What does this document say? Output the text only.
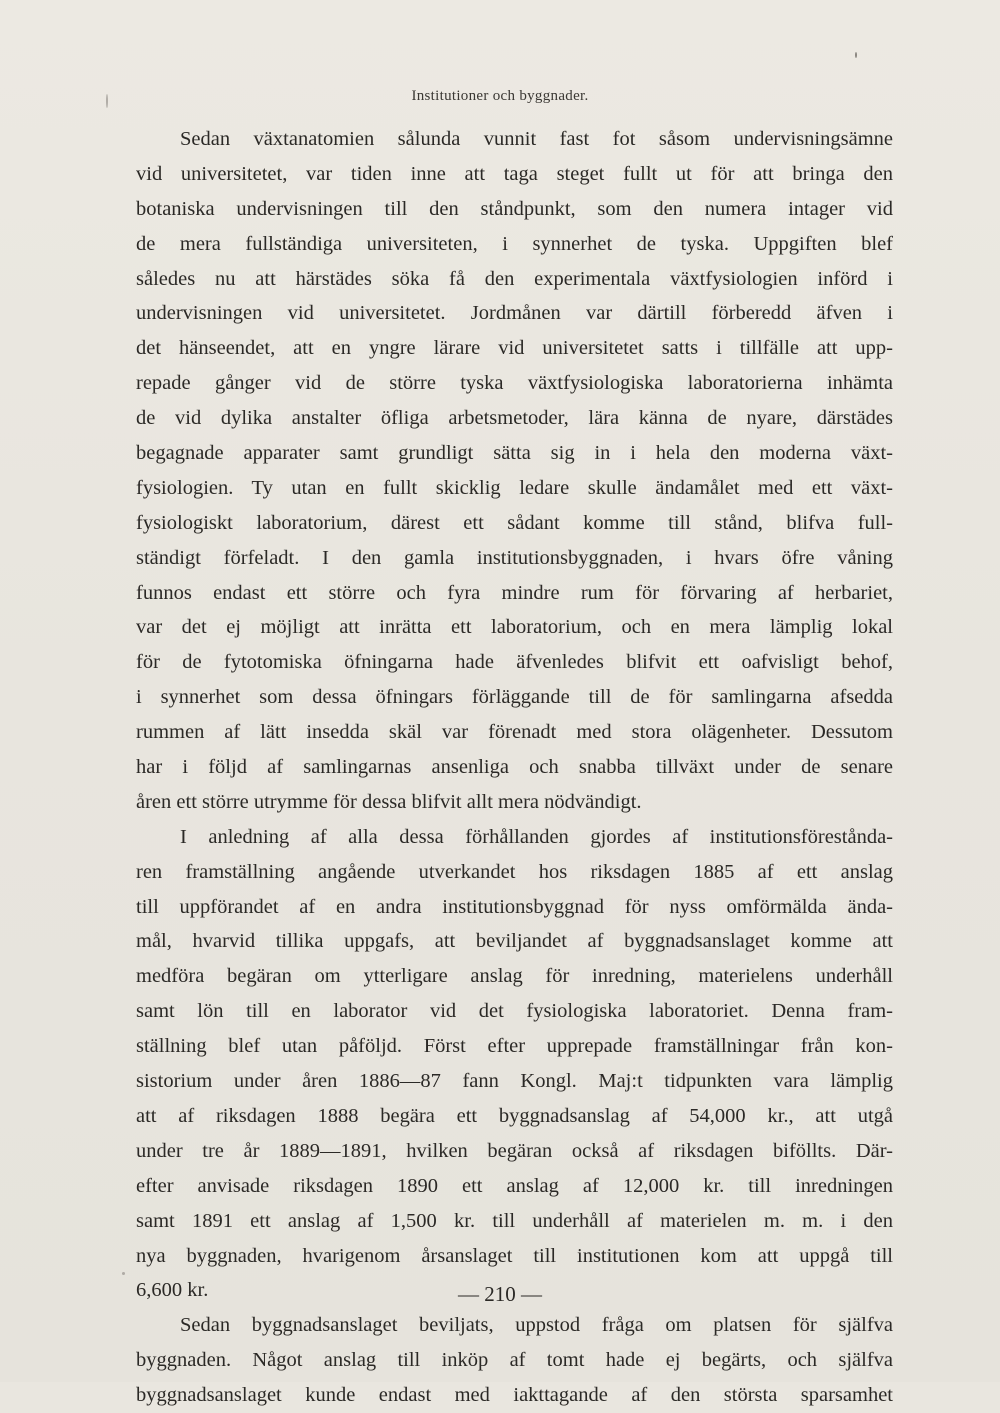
Institutioner och byggnader.
Sedan växtanatomien sålunda vunnit fast fot såsom undervisningsämne
vid universitetet, var tiden inne att taga steget fullt ut för att bringa den
botaniska undervisningen till den ståndpunkt, som den numera intager vid
de mera fullständiga universiteten, i synnerhet de tyska. Uppgiften blef
således nu att härstädes söka få den experimentala växtfysiologien införd i
undervisningen vid universitetet. Jordmånen var därtill förberedd äfven i
det hänseendet, att en yngre lärare vid universitetet satts i tillfälle att upp-
repade gånger vid de större tyska växtfysiologiska laboratorierna inhämta
de vid dylika anstalter öfliga arbetsmetoder, lära känna de nyare, därstädes
begagnade apparater samt grundligt sätta sig in i hela den moderna växt-
fysiologien. Ty utan en fullt skicklig ledare skulle ändamålet med ett växt-
fysiologiskt laboratorium, därest ett sådant komme till stånd, blifva full-
ständigt förfeladt. I den gamla institutionsbyggnaden, i hvars öfre våning
funnos endast ett större och fyra mindre rum för förvaring af herbariet,
var det ej möjligt att inrätta ett laboratorium, och en mera lämplig lokal
för de fytotomiska öfningarna hade äfvenledes blifvit ett oafvisligt behof,
i synnerhet som dessa öfningars förläggande till de för samlingarna afsedda
rummen af lätt insedda skäl var förenadt med stora olägenheter. Dessutom
har i följd af samlingarnas ansenliga och snabba tillväxt under de senare
åren ett större utrymme för dessa blifvit allt mera nödvändigt.
I anledning af alla dessa förhållanden gjordes af institutionsförestånda-
ren framställning angående utverkandet hos riksdagen 1885 af ett anslag
till uppförandet af en andra institutionsbyggnad för nyss omförmälda ända-
mål, hvarvid tillika uppgafs, att beviljandet af byggnadsanslaget komme att
medföra begäran om ytterligare anslag för inredning, materielens underhåll
samt lön till en laborator vid det fysiologiska laboratoriet. Denna fram-
ställning blef utan påföljd. Först efter upprepade framställningar från kon-
sistorium under åren 1886—87 fann Kongl. Maj:t tidpunkten vara lämplig
att af riksdagen 1888 begära ett byggnadsanslag af 54,000 kr., att utgå
under tre år 1889—1891, hvilken begäran också af riksdagen biföllts. Där-
efter anvisade riksdagen 1890 ett anslag af 12,000 kr. till inredningen
samt 1891 ett anslag af 1,500 kr. till underhåll af materielen m. m. i den
nya byggnaden, hvarigenom årsanslaget till institutionen kom att uppgå till
6,600 kr.
Sedan byggnadsanslaget beviljats, uppstod fråga om platsen för själfva
byggnaden. Något anslag till inköp af tomt hade ej begärts, och själfva
byggnadsanslaget kunde endast med iakttagande af den största sparsamhet
— 210 —
